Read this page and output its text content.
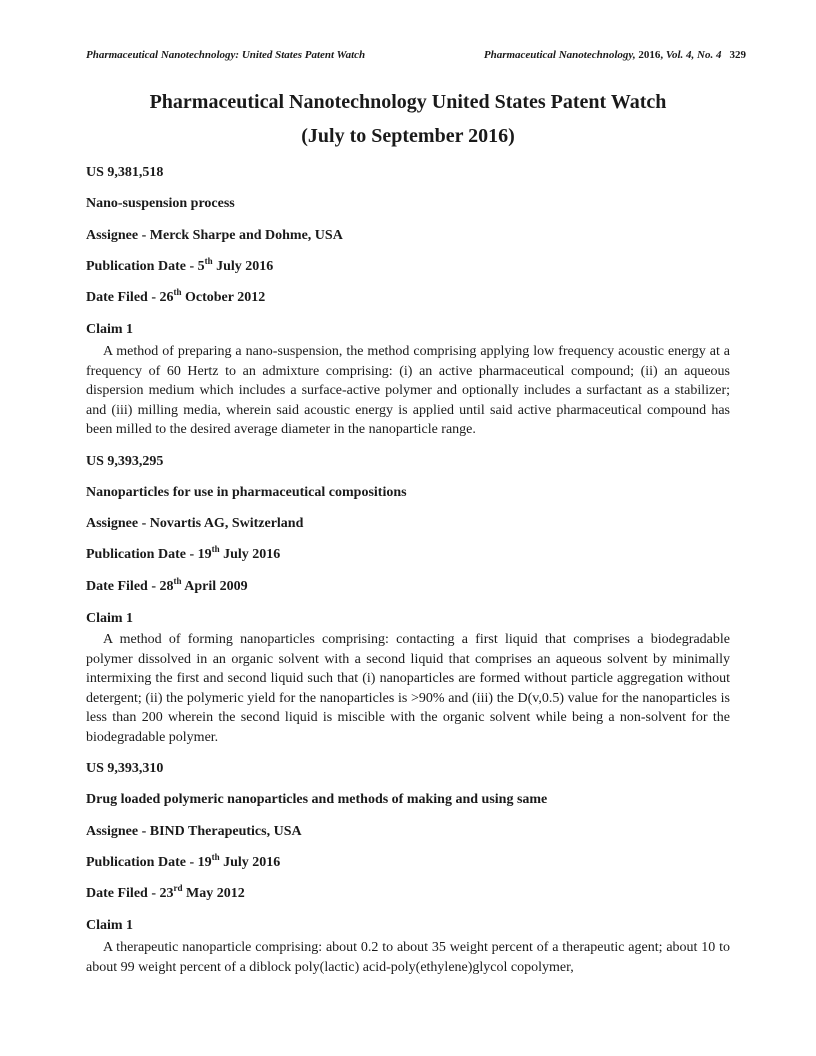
Pharmaceutical Nanotechnology: United States Patent Watch	Pharmaceutical Nanotechnology, 2016, Vol. 4, No. 4 329
Pharmaceutical Nanotechnology United States Patent Watch
(July to September 2016)
US 9,381,518
Nano-suspension process
Assignee - Merck Sharpe and Dohme, USA
Publication Date - 5th July 2016
Date Filed - 26th October 2012
Claim 1
A method of preparing a nano-suspension, the method comprising applying low frequency acoustic energy at a frequency of 60 Hertz to an admixture comprising: (i) an active pharmaceutical compound; (ii) an aqueous dispersion medium which includes a surface-active polymer and optionally includes a surfactant as a stabilizer; and (iii) milling media, wherein said acoustic energy is applied until said active pharmaceutical compound has been milled to the desired average diameter in the nanoparticle range.
US 9,393,295
Nanoparticles for use in pharmaceutical compositions
Assignee - Novartis AG, Switzerland
Publication Date - 19th July 2016
Date Filed - 28th April 2009
Claim 1
A method of forming nanoparticles comprising: contacting a first liquid that comprises a biodegradable polymer dissolved in an organic solvent with a second liquid that comprises an aqueous solvent by minimally intermixing the first and second liquid such that (i) nanoparticles are formed without particle aggregation without detergent; (ii) the polymeric yield for the nanoparticles is >90% and (iii) the D(v,0.5) value for the nanoparticles is less than 200 wherein the second liquid is miscible with the organic solvent while being a non-solvent for the biodegradable polymer.
US 9,393,310
Drug loaded polymeric nanoparticles and methods of making and using same
Assignee - BIND Therapeutics, USA
Publication Date - 19th July 2016
Date Filed - 23rd May 2012
Claim 1
A therapeutic nanoparticle comprising: about 0.2 to about 35 weight percent of a therapeutic agent; about 10 to about 99 weight percent of a diblock poly(lactic) acid-poly(ethylene)glycol copolymer,
